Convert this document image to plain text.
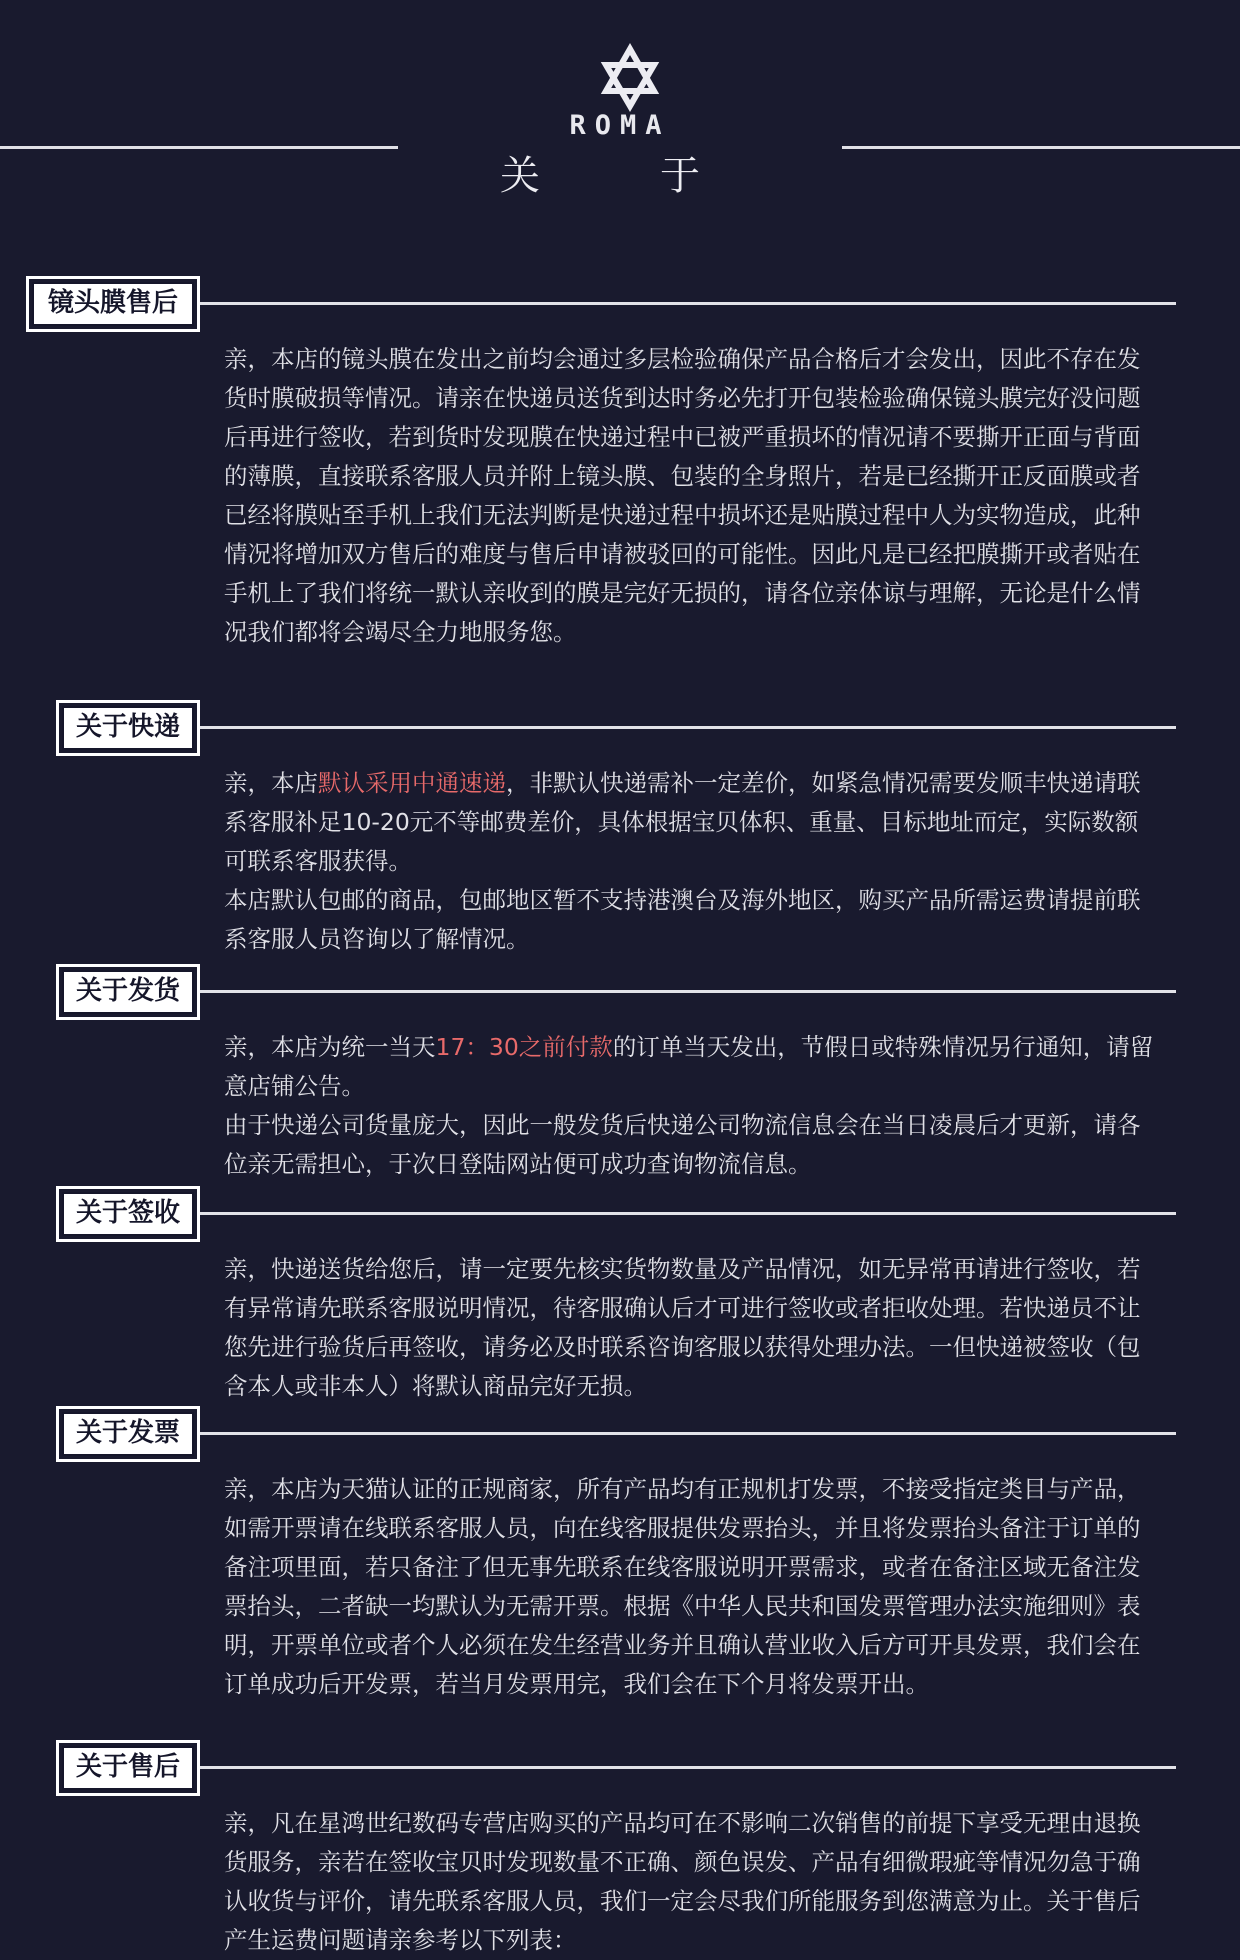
ROMA
关　于
镜头膜售后

亲，本店的镜头膜在发出之前均会通过多层检验确保产品合格后才会发出，因此不存在发货时膜破损等情况。请亲在快递员送货到达时务必先打开包装检验确保镜头膜完好没问题后再进行签收，若到货时发现膜在快递过程中已被严重损坏的情况请不要撕开正面与背面的薄膜，直接联系客服人员并附上镜头膜、包装的全身照片，若是已经撕开正反面膜或者已经将膜贴至手机上我们无法判断是快递过程中损坏还是贴膜过程中人为实物造成，此种情况将增加双方售后的难度与售后申请被驳回的可能性。因此凡是已经把膜撕开或者贴在手机上了我们将统一默认亲收到的膜是完好无损的，请各位亲体谅与理解，无论是什么情况我们都将会竭尽全力地服务您。

关于快递

亲，本店默认采用中通速递，非默认快递需补一定差价，如紧急情况需要发顺丰快递请联系客服补足10-20元不等邮费差价，具体根据宝贝体积、重量、目标地址而定，实际数额可联系客服获得。

本店默认包邮的商品，包邮地区暂不支持港澳台及海外地区，购买产品所需运费请提前联系客服人员咨询以了解情况。

关于发货

亲，本店为统一当天17：30之前付款的订单当天发出，节假日或特殊情况另行通知，请留意店铺公告。

由于快递公司货量庞大，因此一般发货后快递公司物流信息会在当日凌晨后才更新，请各位亲无需担心，于次日登陆网站便可成功查询物流信息。

关于签收

亲，快递送货给您后，请一定要先核实货物数量及产品情况，如无异常再请进行签收，若有异常请先联系客服说明情况，待客服确认后才可进行签收或者拒收处理。若快递员不让您先进行验货后再签收，请务必及时联系咨询客服以获得处理办法。一但快递被签收（包含本人或非本人）将默认商品完好无损。

关于发票

亲，本店为天猫认证的正规商家，所有产品均有正规机打发票，不接受指定类目与产品，如需开票请在线联系客服人员，向在线客服提供发票抬头，并且将发票抬头备注于订单的备注项里面，若只备注了但无事先联系在线客服说明开票需求，或者在备注区域无备注发票抬头，二者缺一均默认为无需开票。根据《中华人民共和国发票管理办法实施细则》表明，开票单位或者个人必须在发生经营业务并且确认营业收入后方可开具发票，我们会在订单成功后开发票，若当月发票用完，我们会在下个月将发票开出。

关于售后

亲，凡在星鸿世纪数码专营店购买的产品均可在不影响二次销售的前提下享受无理由退换货服务，亲若在签收宝贝时发现数量不正确、颜色误发、产品有细微瑕疵等情况勿急于确认收货与评价，请先联系客服人员，我们一定会尽我们所能服务到您满意为止。关于售后产生运费问题请亲参考以下列表：
